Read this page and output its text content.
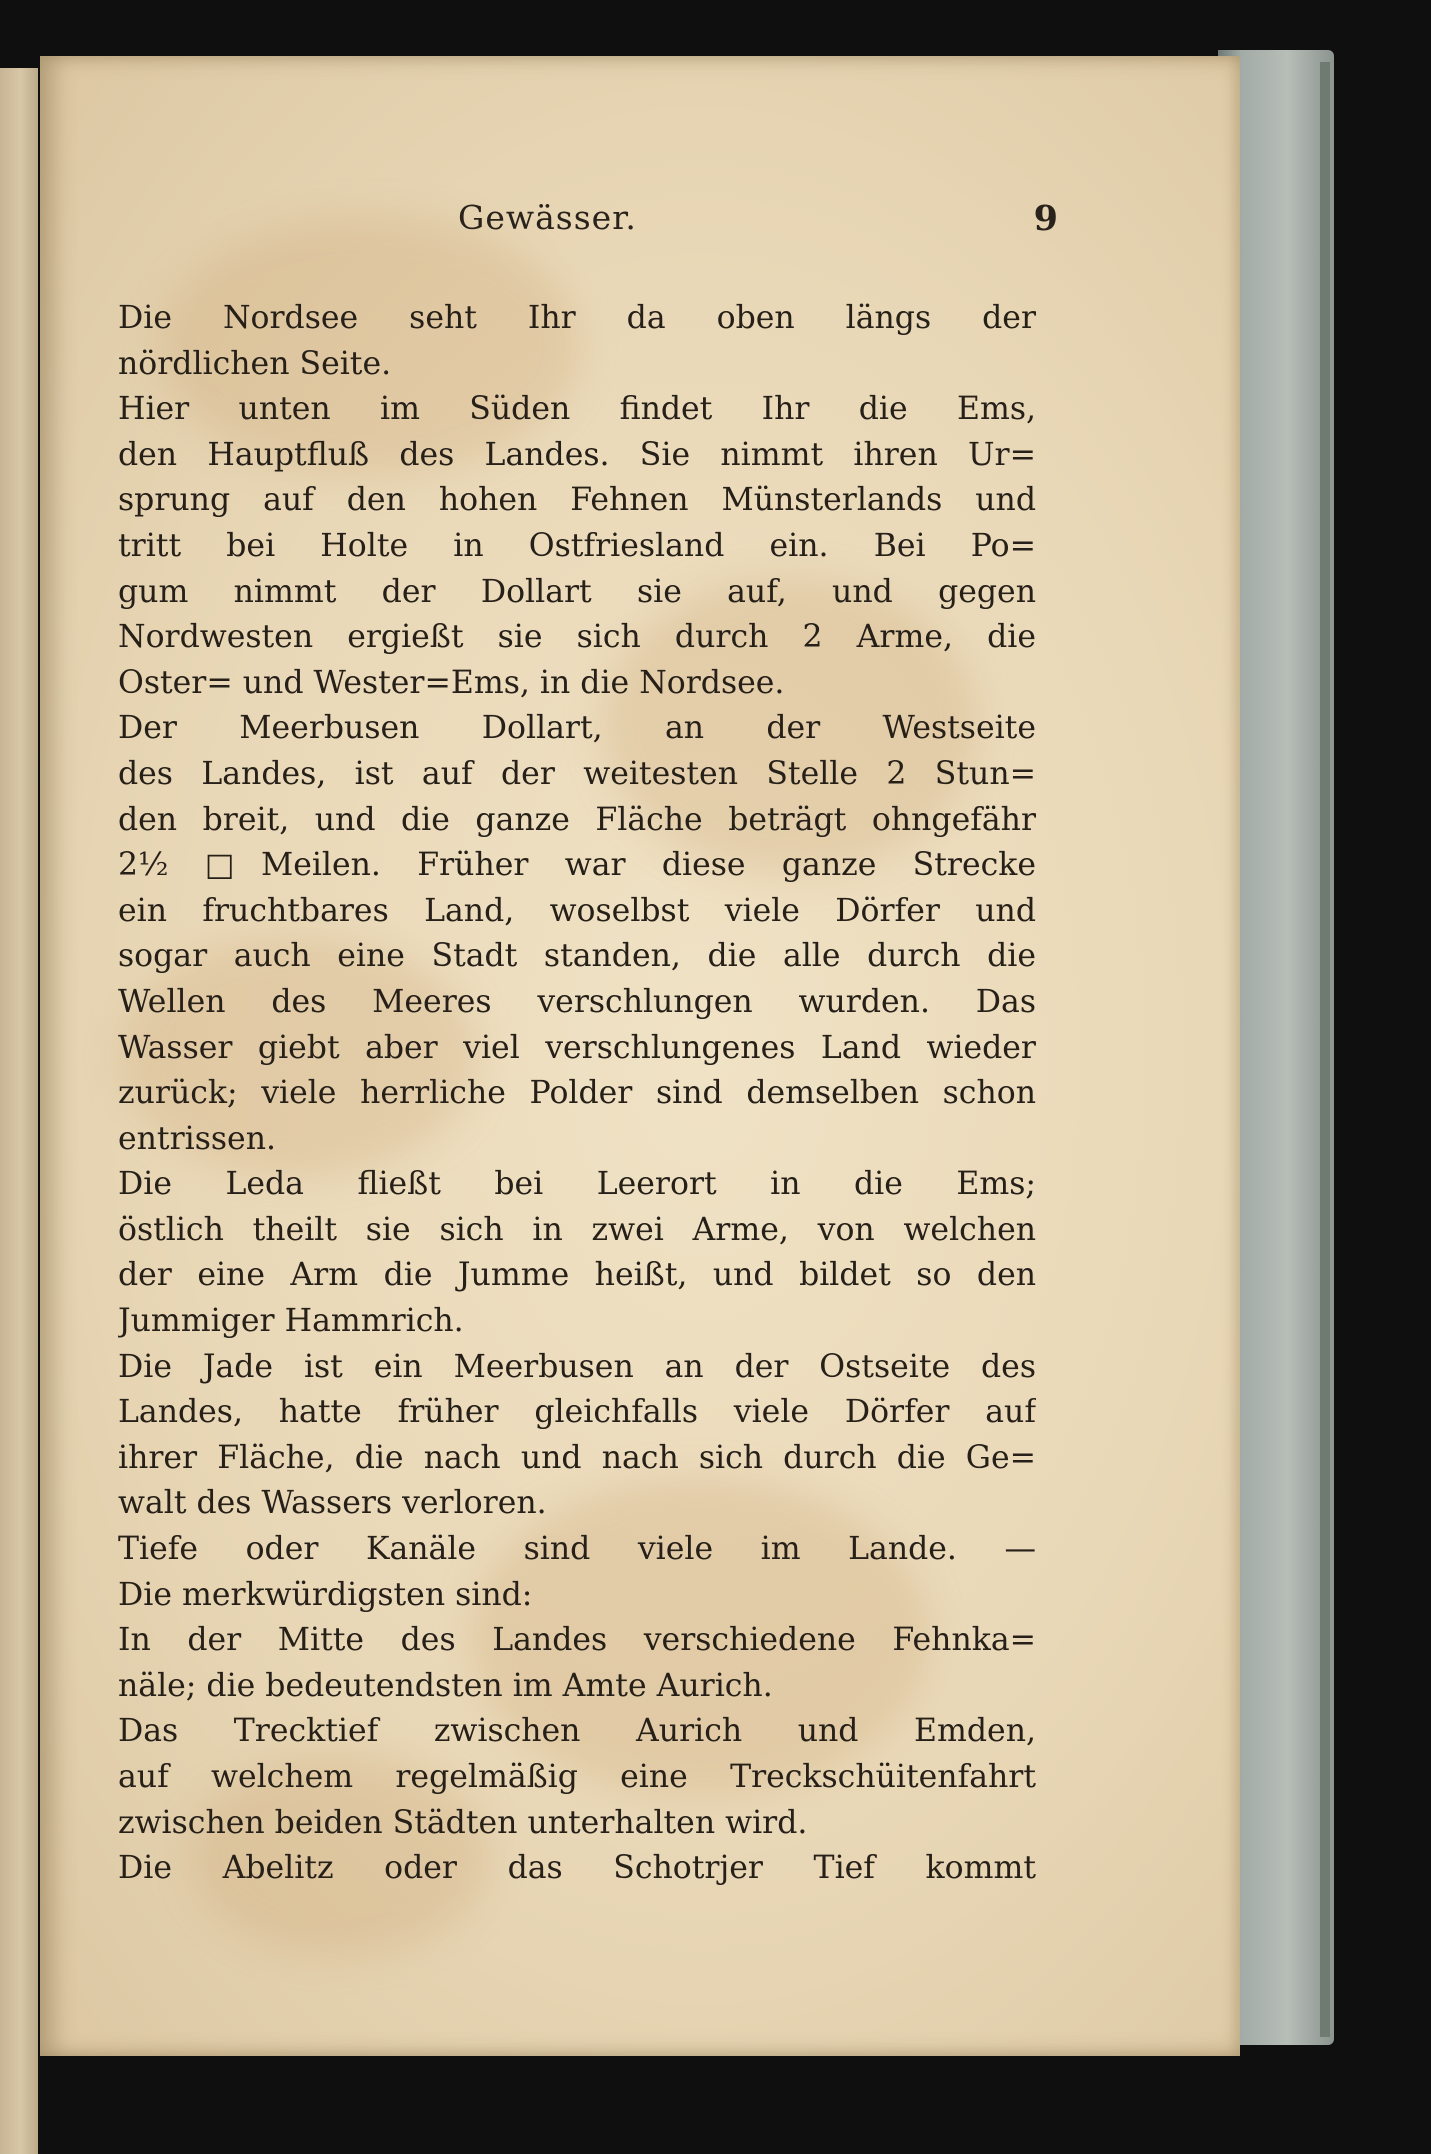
Gewässer.	9
Die Nordsee seht Ihr da oben längs der
nördlichen Seite.
Hier unten im Süden findet Ihr die Ems,
den Hauptfluß des Landes. Sie nimmt ihren Ur=
sprung auf den hohen Fehnen Münsterlands und
tritt bei Holte in Ostfriesland ein. Bei Po=
gum nimmt der Dollart sie auf, und gegen
Nordwesten ergießt sie sich durch 2 Arme, die
Oster= und Wester=Ems, in die Nordsee.
Der Meerbusen Dollart, an der Westseite
des Landes, ist auf der weitesten Stelle 2 Stun=
den breit, und die ganze Fläche beträgt ohngefähr
2½ □Meilen. Früher war diese ganze Strecke
ein fruchtbares Land, woselbst viele Dörfer und
sogar auch eine Stadt standen, die alle durch die
Wellen des Meeres verschlungen wurden. Das
Wasser giebt aber viel verschlungenes Land wieder
zurück; viele herrliche Polder sind demselben schon
entrissen.
Die Leda fließt bei Leerort in die Ems;
östlich theilt sie sich in zwei Arme, von welchen
der eine Arm die Jumme heißt, und bildet so den
Jummiger Hammrich.
Die Jade ist ein Meerbusen an der Ostseite des
Landes, hatte früher gleichfalls viele Dörfer auf
ihrer Fläche, die nach und nach sich durch die Ge=
walt des Wassers verloren.
Tiefe oder Kanäle sind viele im Lande. —
Die merkwürdigsten sind:
In der Mitte des Landes verschiedene Fehnka=
näle; die bedeutendsten im Amte Aurich.
Das Trecktief zwischen Aurich und Emden,
auf welchem regelmäßig eine Treckschüitenfahrt
zwischen beiden Städten unterhalten wird.
Die Abelitz oder das Schotrjer Tief kommt
